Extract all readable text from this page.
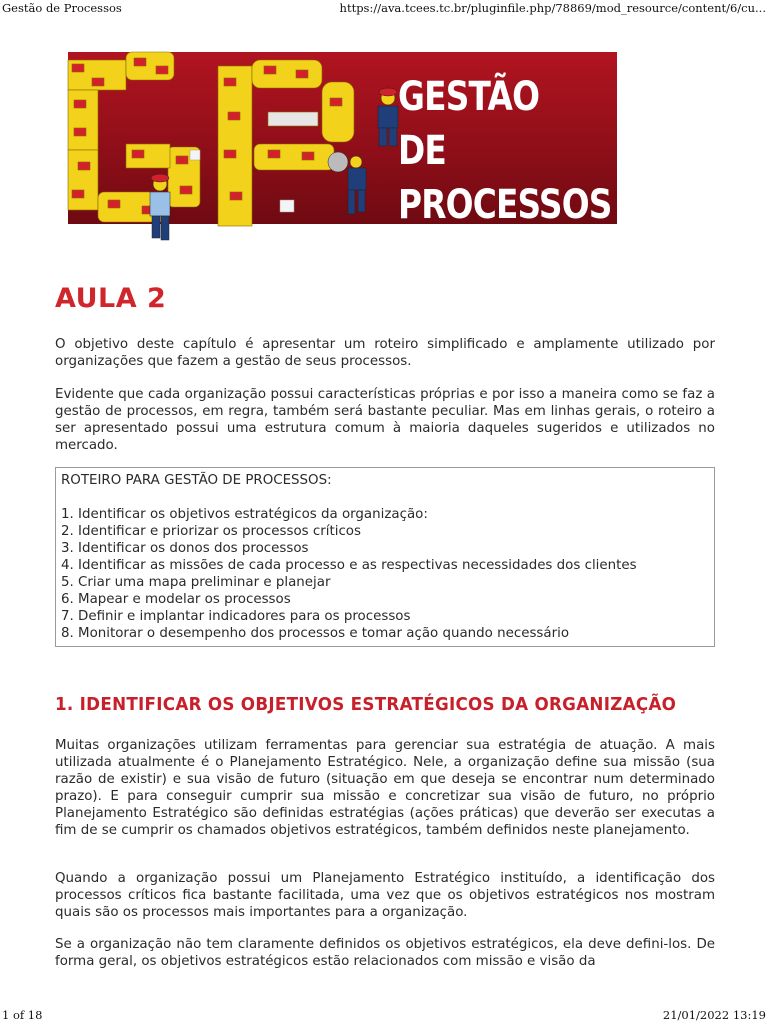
Gestão de Processos	https://ava.tcees.tc.br/pluginfile.php/78869/mod_resource/content/6/cu...
GESTÃO DE
PROCESSOS
AULA 2

O objetivo deste capítulo é apresentar um roteiro simplificado e amplamente utilizado por organizações que fazem a gestão de seus processos.

Evidente que cada organização possui características próprias e por isso a maneira como se faz a gestão de processos, em regra, também será bastante peculiar. Mas em linhas gerais, o roteiro a ser apresentado possui uma estrutura comum à maioria daqueles sugeridos e utilizados no mercado.

ROTEIRO PARA GESTÃO DE PROCESSOS:
1. Identificar os objetivos estratégicos da organização:
2. Identificar e priorizar os processos críticos
3. Identificar os donos dos processos
4. Identificar as missões de cada processo e as respectivas necessidades dos clientes
5. Criar uma mapa preliminar e planejar
6. Mapear e modelar os processos
7. Definir e implantar indicadores para os processos
8. Monitorar o desempenho dos processos e tomar ação quando necessário
1. IDENTIFICAR OS OBJETIVOS ESTRATÉGICOS DA ORGANIZAÇÃO

Muitas organizações utilizam ferramentas para gerenciar sua estratégia de atuação. A mais utilizada atualmente é o Planejamento Estratégico. Nele, a organização define sua missão (sua razão de existir) e sua visão de futuro (situação em que deseja se encontrar num determinado prazo). E para conseguir cumprir sua missão e concretizar sua visão de futuro, no próprio Planejamento Estratégico são definidas estratégias (ações práticas) que deverão ser executas a fim de se cumprir os chamados objetivos estratégicos, também definidos neste planejamento.

Quando a organização possui um Planejamento Estratégico instituído, a identificação dos processos críticos fica bastante facilitada, uma vez que os objetivos estratégicos nos mostram quais são os processos mais importantes para a organização.

Se a organização não tem claramente definidos os objetivos estratégicos, ela deve defini-los. De forma geral, os objetivos estratégicos estão relacionados com missão e visão da

1 of 18	21/01/2022 13:19
